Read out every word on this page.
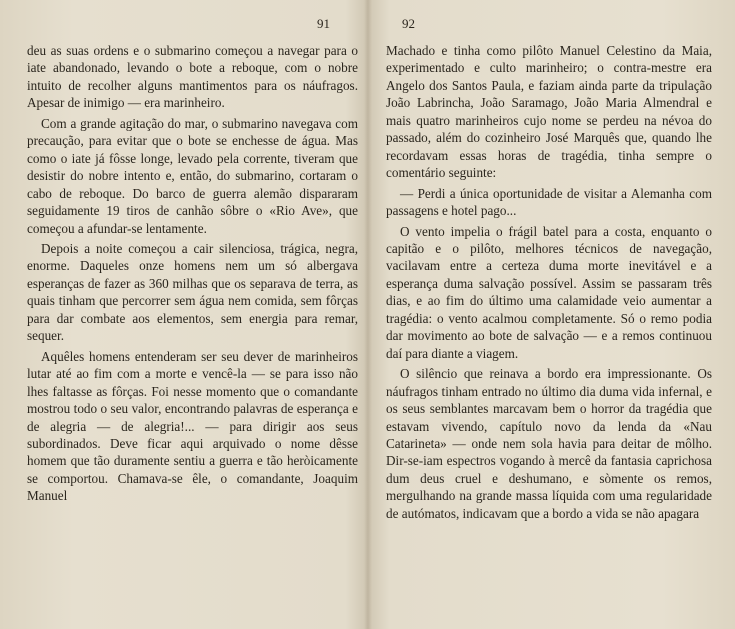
91

deu as suas ordens e o submarino começou a navegar para o iate abandonado, levando o bote a reboque, com o nobre intuito de recolher alguns mantimentos para os náufragos. Apesar de inimigo — era marinheiro.

Com a grande agitação do mar, o submarino navegava com precaução, para evitar que o bote se enchesse de água. Mas como o iate já fôsse longe, levado pela corrente, tiveram que desistir do nobre intento e, então, do submarino, cortaram o cabo de reboque. Do barco de guerra alemão dispararam seguidamente 19 tiros de canhão sôbre o «Rio Ave», que começou a afundar-se lentamente.

Depois a noite começou a cair silenciosa, trágica, negra, enorme. Daqueles onze homens nem um só albergava esperanças de fazer as 360 milhas que os separava de terra, as quais tinham que percorrer sem água nem comida, sem fôrças para dar combate aos elementos, sem energia para remar, sequer.

Aquêles homens entenderam ser seu dever de marinheiros lutar até ao fim com a morte e vencê-la — se para isso não lhes faltasse as fôrças. Foi nesse momento que o comandante mostrou todo o seu valor, encontrando palavras de esperança e de alegria — de alegria!... — para dirigir aos seus subordinados. Deve ficar aqui arquivado o nome dêsse homem que tão duramente sentiu a guerra e tão heròicamente se comportou. Chamava-se êle, o comandante, Joaquim Manuel

92

Machado e tinha como pilôto Manuel Celestino da Maia, experimentado e culto marinheiro; o contra-mestre era Angelo dos Santos Paula, e faziam ainda parte da tripulação João Labrincha, João Saramago, João Maria Almendral e mais quatro marinheiros cujo nome se perdeu na névoa do passado, além do cozinheiro José Marquês que, quando lhe recordavam essas horas de tragédia, tinha sempre o comentário seguinte:

— Perdi a única oportunidade de visitar a Alemanha com passagens e hotel pago...

O vento impelia o frágil batel para a costa, enquanto o capitão e o pilôto, melhores técnicos de navegação, vacilavam entre a certeza duma morte inevitável e a esperança duma salvação possível. Assim se passaram três dias, e ao fim do último uma calamidade veio aumentar a tragédia: o vento acalmou completamente. Só o remo podia dar movimento ao bote de salvação — e a remos continuou daí para diante a viagem.

O silêncio que reinava a bordo era impressionante. Os náufragos tinham entrado no último dia duma vida infernal, e os seus semblantes marcavam bem o horror da tragédia que estavam vivendo, capítulo novo da lenda da «Nau Catarineta» — onde nem sola havia para deitar de môlho. Dir-se-iam espectros vogando à mercê da fantasia caprichosa dum deus cruel e deshumano, e sòmente os remos, mergulhando na grande massa líquida com uma regularidade de autómatos, indicavam que a bordo a vida se não apagara
